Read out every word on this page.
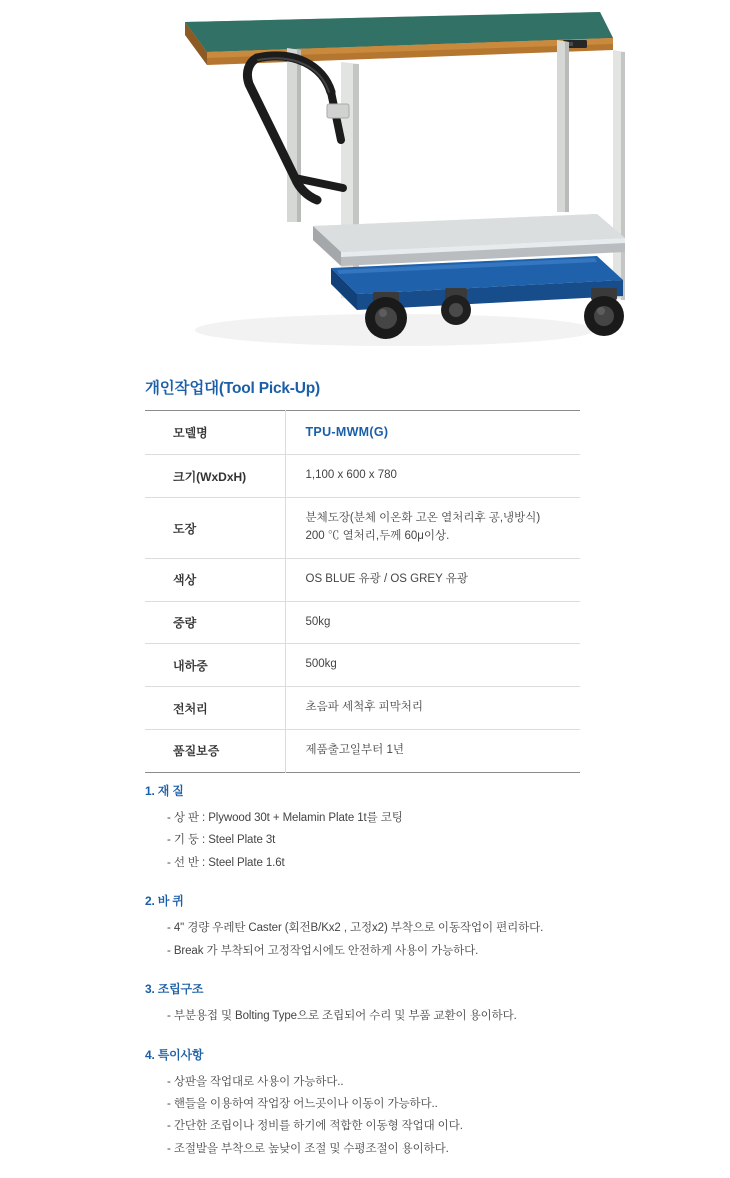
개인작업대(Tool Pick-Up)
모델명	TPU-MWM(G)
크기(WxDxH)	1,100 x 600 x 780
도장	분체도장(분체 이온화 고온 열처리후 공,냉방식)
200 ℃ 열처리,두께 60μ이상.
색상	OS BLUE 유광 / OS GREY 유광
중량	50kg
내하중	500kg
전처리	초음파 세척후 피막처리
품질보증	제품출고일부터 1년
1. 재 질
- 상 판 : Plywood 30t + Melamin Plate 1t를 코팅
- 기 둥 : Steel Plate 3t
- 선 반 : Steel Plate 1.6t
2. 바 퀴
- 4" 경량 우레탄 Caster (회전B/Kx2 , 고정x2) 부착으로 이동작업이 편리하다.
- Break 가 부착되어 고정작업시에도 안전하게 사용이 가능하다.
3. 조립구조
- 부분용접 및 Bolting Type으로 조립되어 수리 및 부품 교환이 용이하다.
4. 특이사항
- 상판을 작업대로 사용이 가능하다..
- 핸들을 이용하여 작업장 어느곳이나 이동이 가능하다..
- 간단한 조립이나 정비를 하기에 적합한 이동형 작업대 이다.
- 조절발을 부착으로 높낮이 조절 및 수평조절이 용이하다.
